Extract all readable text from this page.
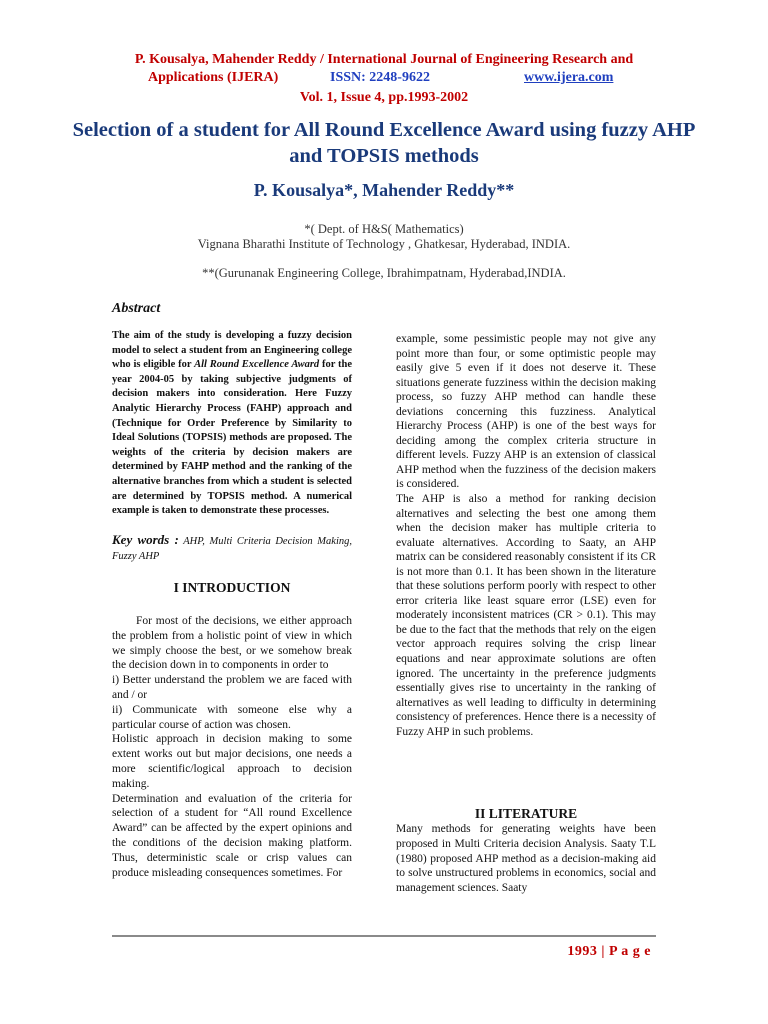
P. Kousalya, Mahender Reddy / International Journal of Engineering Research and
Applications (IJERA)	ISSN: 2248-9622	www.ijera.com
Vol. 1, Issue 4, pp.1993-2002
Selection of a student for All Round Excellence Award using fuzzy AHP and TOPSIS methods
P. Kousalya*, Mahender Reddy**
*( Dept. of H&S( Mathematics)
Vignana Bharathi Institute of Technology , Ghatkesar, Hyderabad, INDIA.
**(Gurunanak Engineering College, Ibrahimpatnam, Hyderabad,INDIA.
Abstract
The aim of the study is developing a fuzzy decision model to select a student from an Engineering college who is eligible for All Round Excellence Award for the year 2004-05 by taking subjective judgments of decision makers into consideration. Here Fuzzy Analytic Hierarchy Process (FAHP) approach and (Technique for Order Preference by Similarity to Ideal Solutions (TOPSIS) methods are proposed. The weights of the criteria by decision makers are determined by FAHP method and the ranking of the alternative branches from which a student is selected are determined by TOPSIS method. A numerical example is taken to demonstrate these processes.
Key words : AHP, Multi Criteria Decision Making, Fuzzy AHP
I INTRODUCTION

For most of the decisions, we either approach the problem from a holistic point of view in which we simply choose the best, or we somehow break the decision down in to components in order to

i) Better understand the problem we are faced with and / or

ii) Communicate with someone else why a particular course of action was chosen.

Holistic approach in decision making to some extent works out but major decisions, one needs a more scientific/logical approach to decision making.

Determination and evaluation of the criteria for selection of a student for “All round Excellence Award” can be affected by the expert opinions and the conditions of the decision making platform. Thus, deterministic scale or crisp values can produce misleading consequences sometimes. For

example, some pessimistic people may not give any point more than four, or some optimistic people may easily give 5 even if it does not deserve it. These situations generate fuzziness within the decision making process, so fuzzy AHP method can handle these deviations concerning this fuzziness. Analytical Hierarchy Process (AHP) is one of the best ways for deciding among the complex criteria structure in different levels. Fuzzy AHP is an extension of classical AHP method when the fuzziness of the decision makers is considered.

The AHP is also a method for ranking decision alternatives and selecting the best one among them when the decision maker has multiple criteria to evaluate alternatives. According to Saaty, an AHP matrix can be considered reasonably consistent if its CR is not more than 0.1. It has been shown in the literature that these solutions perform poorly with respect to other error criteria like least square error (LSE) even for moderately inconsistent matrices (CR > 0.1). This may be due to the fact that the methods that rely on the eigen vector approach requires solving the crisp linear equations and near approximate solutions are often ignored. The uncertainty in the preference judgments essentially gives rise to uncertainty in the ranking of alternatives as well leading to difficulty in determining consistency of preferences. Hence there is a necessity of Fuzzy AHP in such problems.

II LITERATURE

Many methods for generating weights have been proposed in Multi Criteria decision Analysis. Saaty T.L (1980) proposed AHP method as a decision-making aid to solve unstructured problems in economics, social and management sciences. Saaty

1993 | P a g e
